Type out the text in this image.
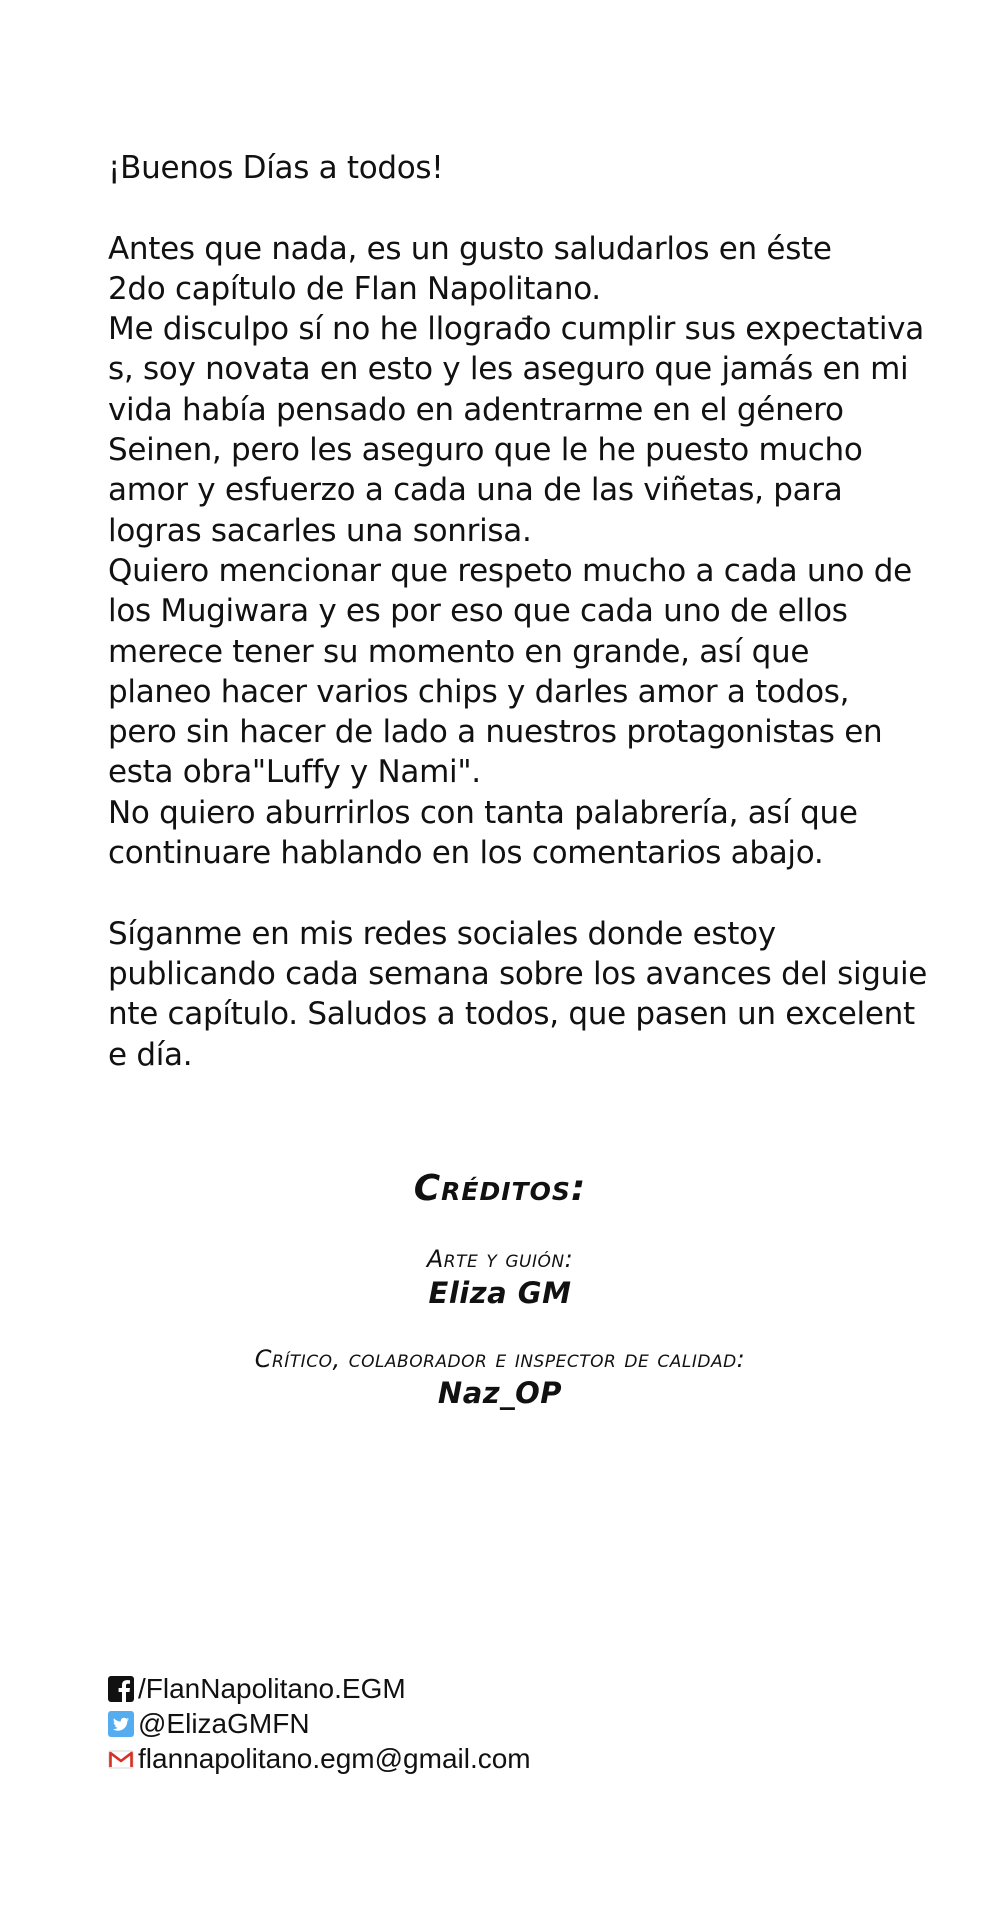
¡Buenos Días a todos!
Antes que nada, es un gusto saludarlos en éste
2do capítulo de Flan Napolitano.
Me disculpo sí no he llograđo cumplir sus expectativa
s, soy novata en esto y les aseguro que jamás en mi
vida había pensado en adentrarme en el género
Seinen, pero les aseguro que le he puesto mucho
amor y esfuerzo a cada una de las viñetas, para
logras sacarles una sonrisa.
Quiero mencionar que respeto mucho a cada uno de
los Mugiwara y es por eso que cada uno de ellos
merece tener su momento en grande, así que
planeo hacer varios chips y darles amor a todos,
pero sin hacer de lado a nuestros protagonistas en
esta obra"Luffy y Nami".
No quiero aburrirlos con tanta palabrería, así que
continuare hablando en los comentarios abajo.
Síganme en mis redes sociales donde estoy
publicando cada semana sobre los avances del siguie
nte capítulo. Saludos a todos, que pasen un excelent
e día.
Créditos:
Arte y guión:
Eliza GM
Crítico, colaborador e inspector de calidad:
Naz_OP
/FlanNapolitano.EGM
@ElizaGMFN
flannapolitano.egm@gmail.com
